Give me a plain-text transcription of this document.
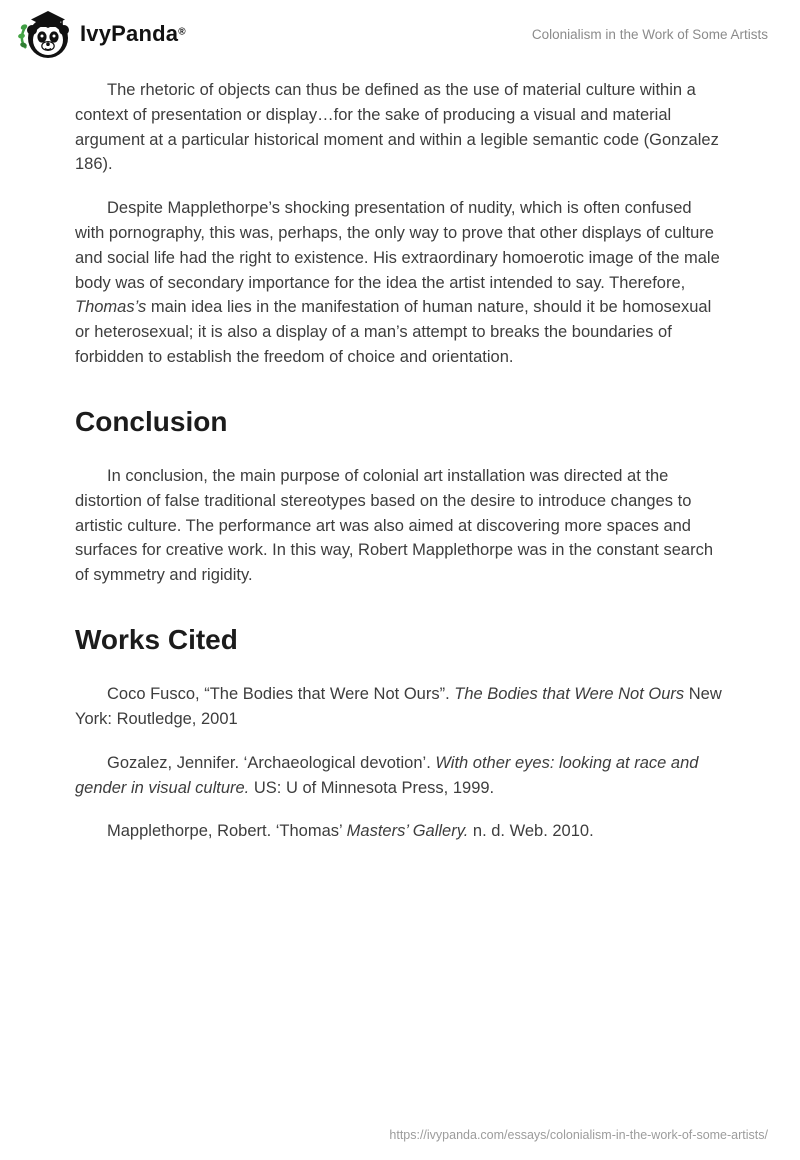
IvyPanda®	Colonialism in the Work of Some Artists

The rhetoric of objects can thus be defined as the use of material culture within a context of presentation or display…for the sake of producing a visual and material argument at a particular historical moment and within a legible semantic code (Gonzalez 186).

Despite Mapplethorpe’s shocking presentation of nudity, which is often confused with pornography, this was, perhaps, the only way to prove that other displays of culture and social life had the right to existence. His extraordinary homoerotic image of the male body was of secondary importance for the idea the artist intended to say. Therefore, Thomas’s main idea lies in the manifestation of human nature, should it be homosexual or heterosexual; it is also a display of a man’s attempt to breaks the boundaries of forbidden to establish the freedom of choice and orientation.

Conclusion

In conclusion, the main purpose of colonial art installation was directed at the distortion of false traditional stereotypes based on the desire to introduce changes to artistic culture. The performance art was also aimed at discovering more spaces and surfaces for creative work. In this way, Robert Mapplethorpe was in the constant search of symmetry and rigidity.

Works Cited

Coco Fusco, “The Bodies that Were Not Ours”. The Bodies that Were Not Ours New York: Routledge, 2001

Gozalez, Jennifer. ‘Archaeological devotion’. With other eyes: looking at race and gender in visual culture. US: U of Minnesota Press, 1999.

Mapplethorpe, Robert. ‘Thomas’ Masters’ Gallery. n. d. Web. 2010.

https://ivypanda.com/essays/colonialism-in-the-work-of-some-artists/
